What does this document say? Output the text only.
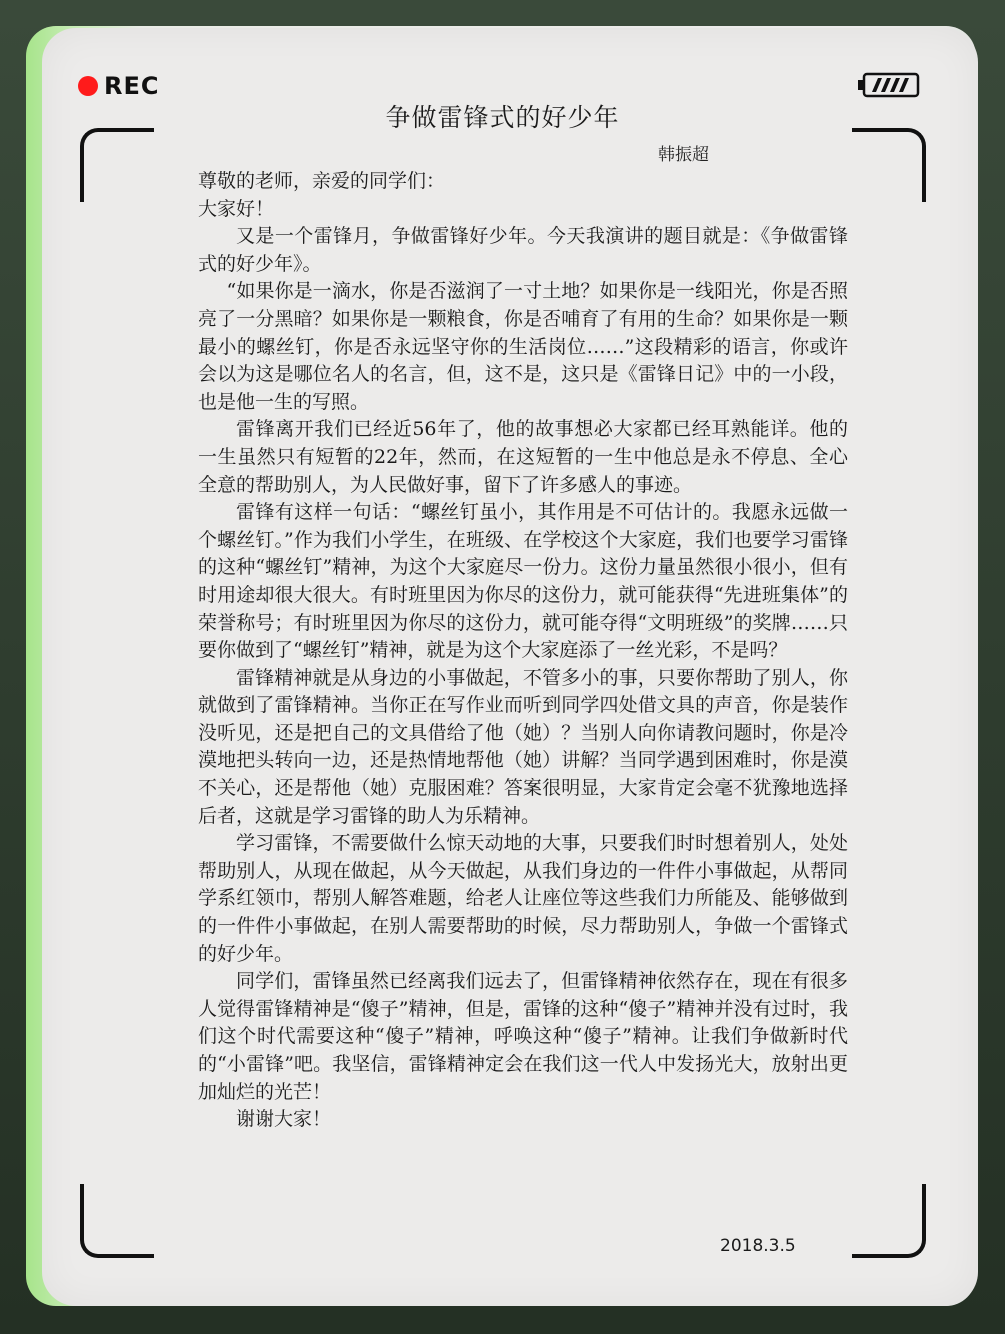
REC
争做雷锋式的好少年
韩振超

尊敬的老师，亲爱的同学们：

大家好！

又是一个雷锋月，争做雷锋好少年。今天我演讲的题目就是：《争做雷锋式的好少年》。

“如果你是一滴水，你是否滋润了一寸土地？如果你是一线阳光，你是否照亮了一分黑暗？如果你是一颗粮食，你是否哺育了有用的生命？如果你是一颗最小的螺丝钉，你是否永远坚守你的生活岗位……”这段精彩的语言，你或许会以为这是哪位名人的名言，但，这不是，这只是《雷锋日记》中的一小段，也是他一生的写照。

雷锋离开我们已经近56年了，他的故事想必大家都已经耳熟能详。他的一生虽然只有短暂的22年，然而，在这短暂的一生中他总是永不停息、全心全意的帮助别人，为人民做好事，留下了许多感人的事迹。

雷锋有这样一句话：“螺丝钉虽小，其作用是不可估计的。我愿永远做一个螺丝钉。”作为我们小学生，在班级、在学校这个大家庭，我们也要学习雷锋的这种“螺丝钉”精神，为这个大家庭尽一份力。这份力量虽然很小很小，但有时用途却很大很大。有时班里因为你尽的这份力，就可能获得“先进班集体”的荣誉称号；有时班里因为你尽的这份力，就可能夺得“文明班级”的奖牌……只要你做到了“螺丝钉”精神，就是为这个大家庭添了一丝光彩，不是吗？

雷锋精神就是从身边的小事做起，不管多小的事，只要你帮助了别人，你就做到了雷锋精神。当你正在写作业而听到同学四处借文具的声音，你是装作没听见，还是把自己的文具借给了他（她）？当别人向你请教问题时，你是冷漠地把头转向一边，还是热情地帮他（她）讲解？当同学遇到困难时，你是漠不关心，还是帮他（她）克服困难？答案很明显，大家肯定会毫不犹豫地选择后者，这就是学习雷锋的助人为乐精神。

学习雷锋，不需要做什么惊天动地的大事，只要我们时时想着别人，处处帮助别人，从现在做起，从今天做起，从我们身边的一件件小事做起，从帮同学系红领巾，帮别人解答难题，给老人让座位等这些我们力所能及、能够做到的一件件小事做起，在别人需要帮助的时候，尽力帮助别人，争做一个雷锋式的好少年。

同学们，雷锋虽然已经离我们远去了，但雷锋精神依然存在，现在有很多人觉得雷锋精神是“傻子”精神，但是，雷锋的这种“傻子”精神并没有过时，我们这个时代需要这种“傻子”精神，呼唤这种“傻子”精神。让我们争做新时代的“小雷锋”吧。我坚信，雷锋精神定会在我们这一代人中发扬光大，放射出更加灿烂的光芒！

谢谢大家！

2018.3.5
